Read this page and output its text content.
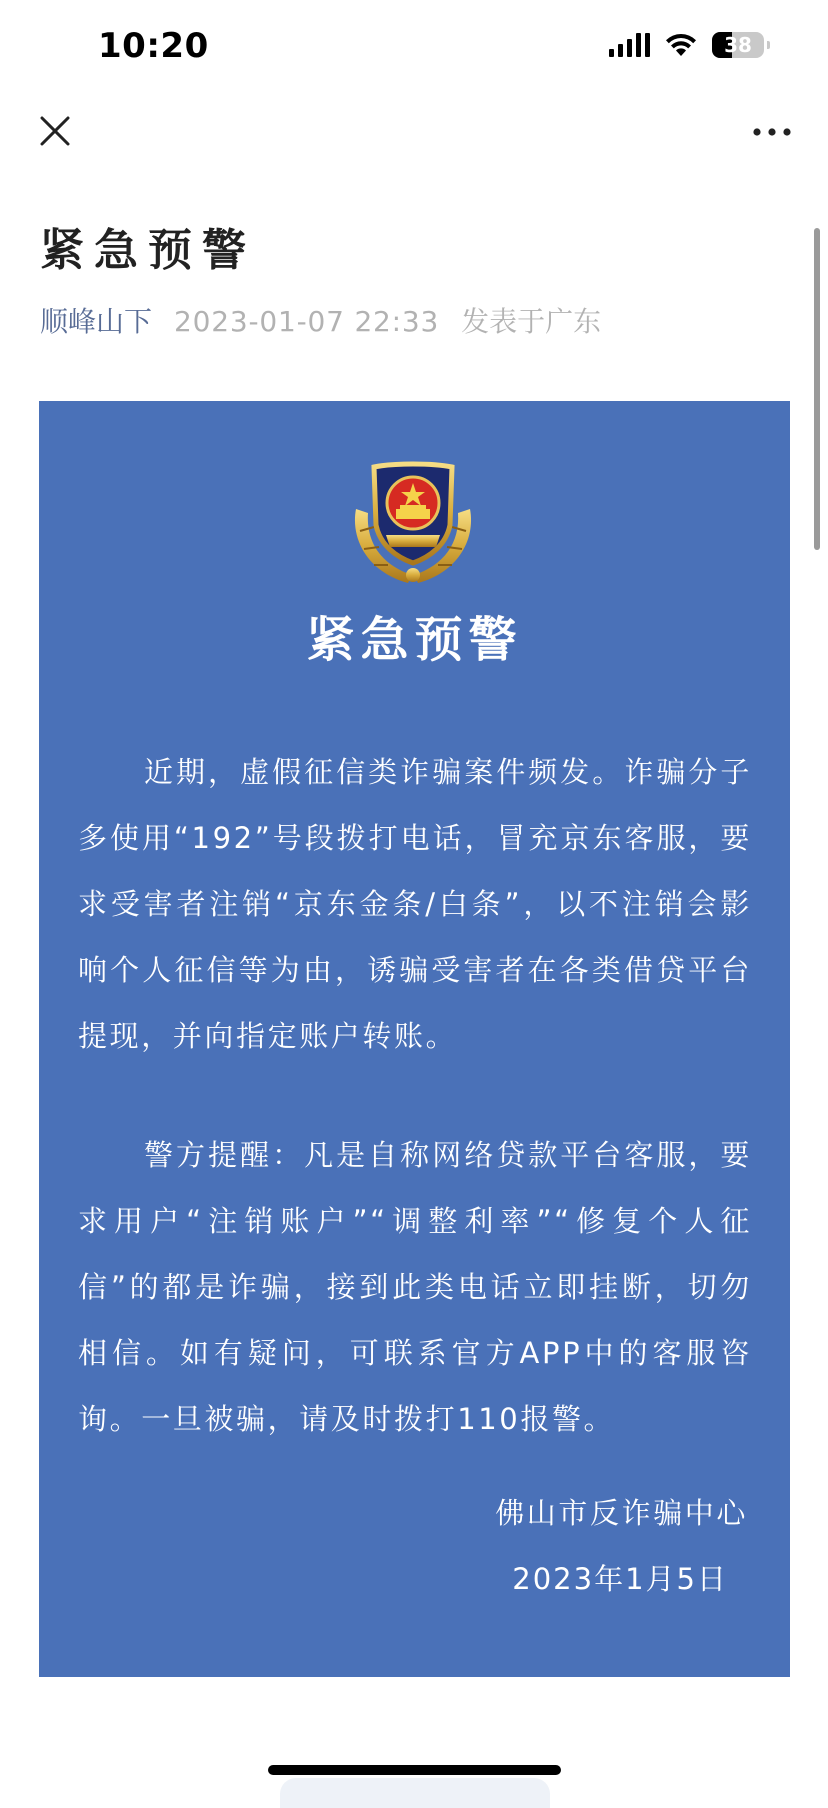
10:20	38
紧急预警
顺峰山下 2023-01-07 22:33 发表于广东
紧急预警

近期，虚假征信类诈骗案件频发。诈骗分子多使用“192”号段拨打电话，冒充京东客服，要求受害者注销“京东金条/白条”，以不注销会影响个人征信等为由，诱骗受害者在各类借贷平台提现，并向指定账户转账。

警方提醒：凡是自称网络贷款平台客服，要求用户“注销账户”“调整利率”“修复个人征信”的都是诈骗，接到此类电话立即挂断，切勿相信。如有疑问，可联系官方APP中的客服咨询。一旦被骗，请及时拨打110报警。

佛山市反诈骗中心
2023年1月5日
